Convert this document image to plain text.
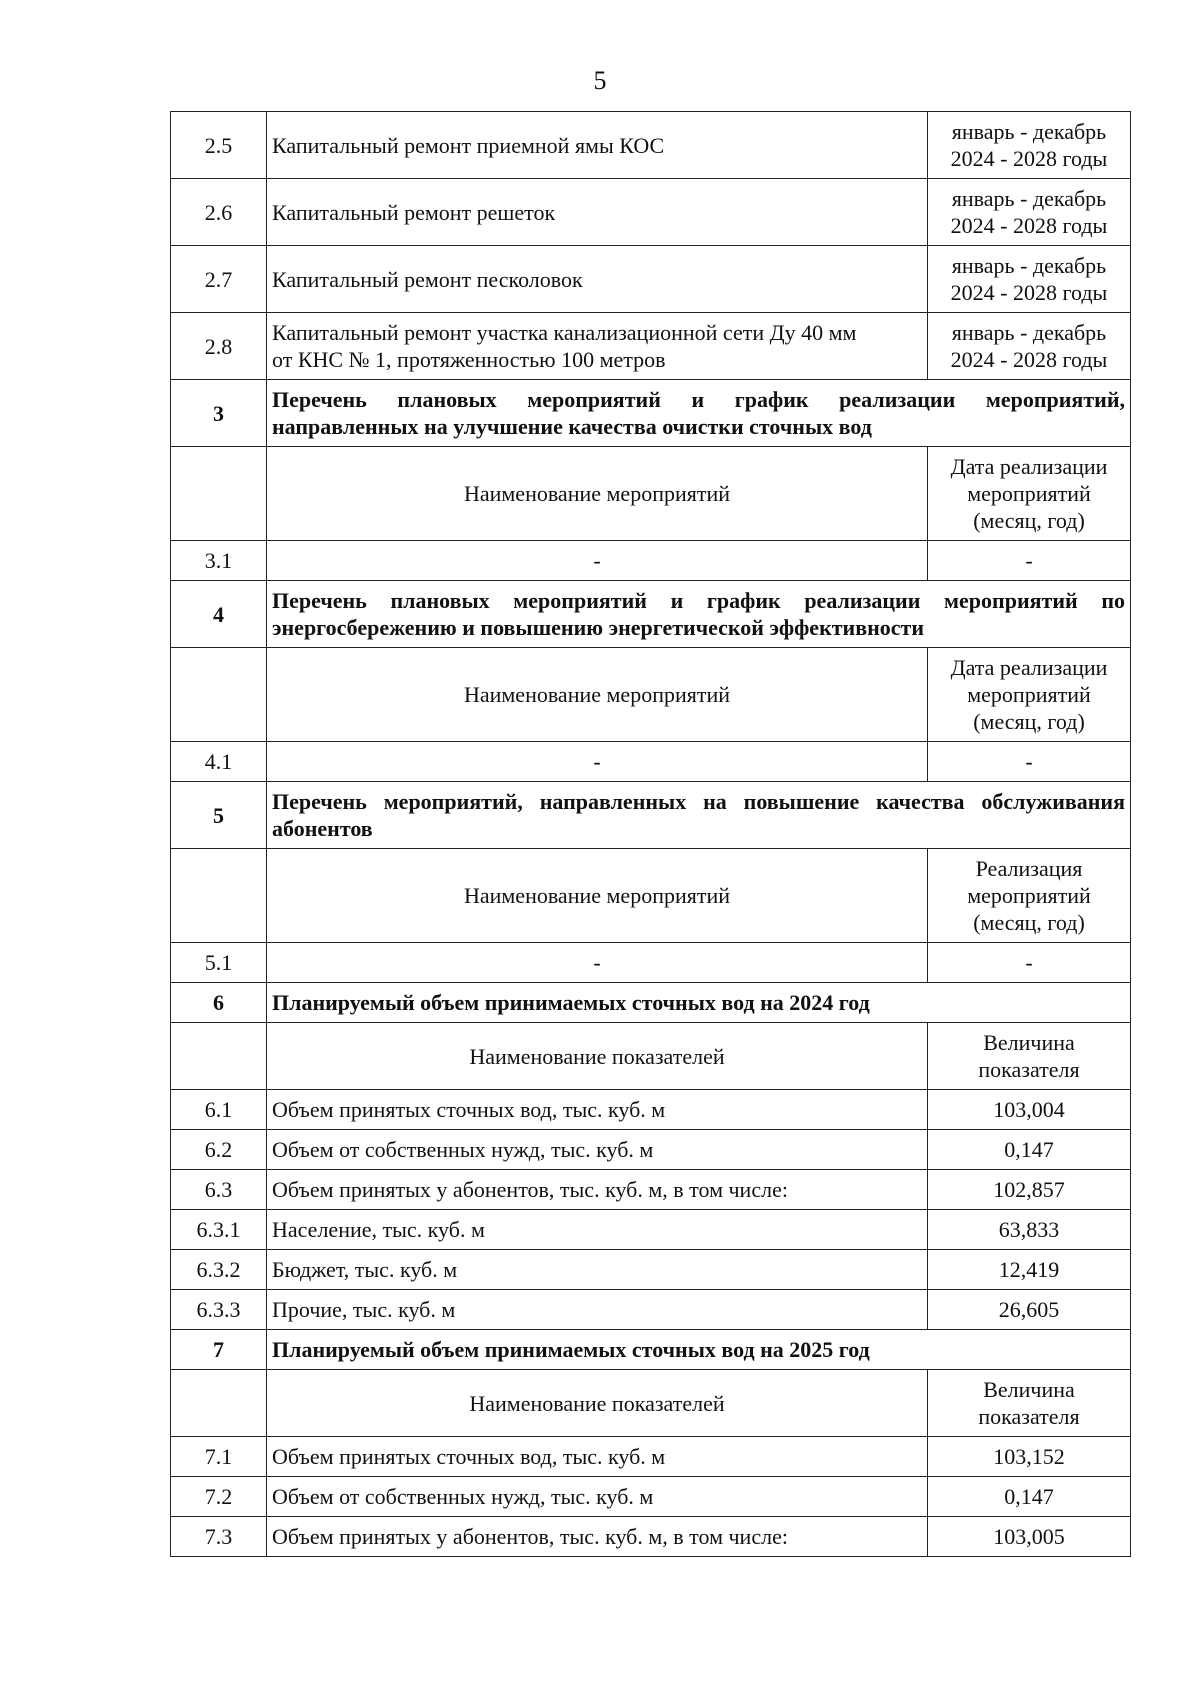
5
2.5	Капитальный ремонт приемной ямы КОС	январь - декабрь
2024 - 2028 годы

2.6	Капитальный ремонт решеток	январь - декабрь
2024 - 2028 годы

2.7	Капитальный ремонт песколовок	январь - декабрь
2024 - 2028 годы

2.8	Капитальный ремонт участка канализационной сети Ду 40 мм
от КНС № 1, протяженностью 100 метров	январь - декабрь
2024 - 2028 годы

3	Перечень плановых мероприятий и график реализации мероприятий, направленных на улучшение качества очистки сточных вод	
	Наименование мероприятий	Дата реализации
мероприятий
(месяц, год)

3.1	-	-
4	Перечень плановых мероприятий и график реализации мероприятий по энергосбережению и повышению энергетической эффективности	
	Наименование мероприятий	Дата реализации
мероприятий
(месяц, год)

4.1	-	-
5	Перечень мероприятий, направленных на повышение качества обслуживания абонентов	
	Наименование мероприятий	Реализация
мероприятий
(месяц, год)

5.1	-	-
6	Планируемый объем принимаемых сточных вод на 2024 год	
	Наименование показателей	Величина
показателя

6.1	Объем принятых сточных вод, тыс. куб. м	103,004
6.2	Объем от собственных нужд, тыс. куб. м	0,147
6.3	Объем принятых у абонентов, тыс. куб. м, в том числе:	102,857
6.3.1	Население, тыс. куб. м	63,833
6.3.2	Бюджет, тыс. куб. м	12,419
6.3.3	Прочие, тыс. куб. м	26,605
7	Планируемый объем принимаемых сточных вод на 2025 год	
	Наименование показателей	Величина
показателя

7.1	Объем принятых сточных вод, тыс. куб. м	103,152
7.2	Объем от собственных нужд, тыс. куб. м	0,147
7.3	Объем принятых у абонентов, тыс. куб. м, в том числе:	103,005
